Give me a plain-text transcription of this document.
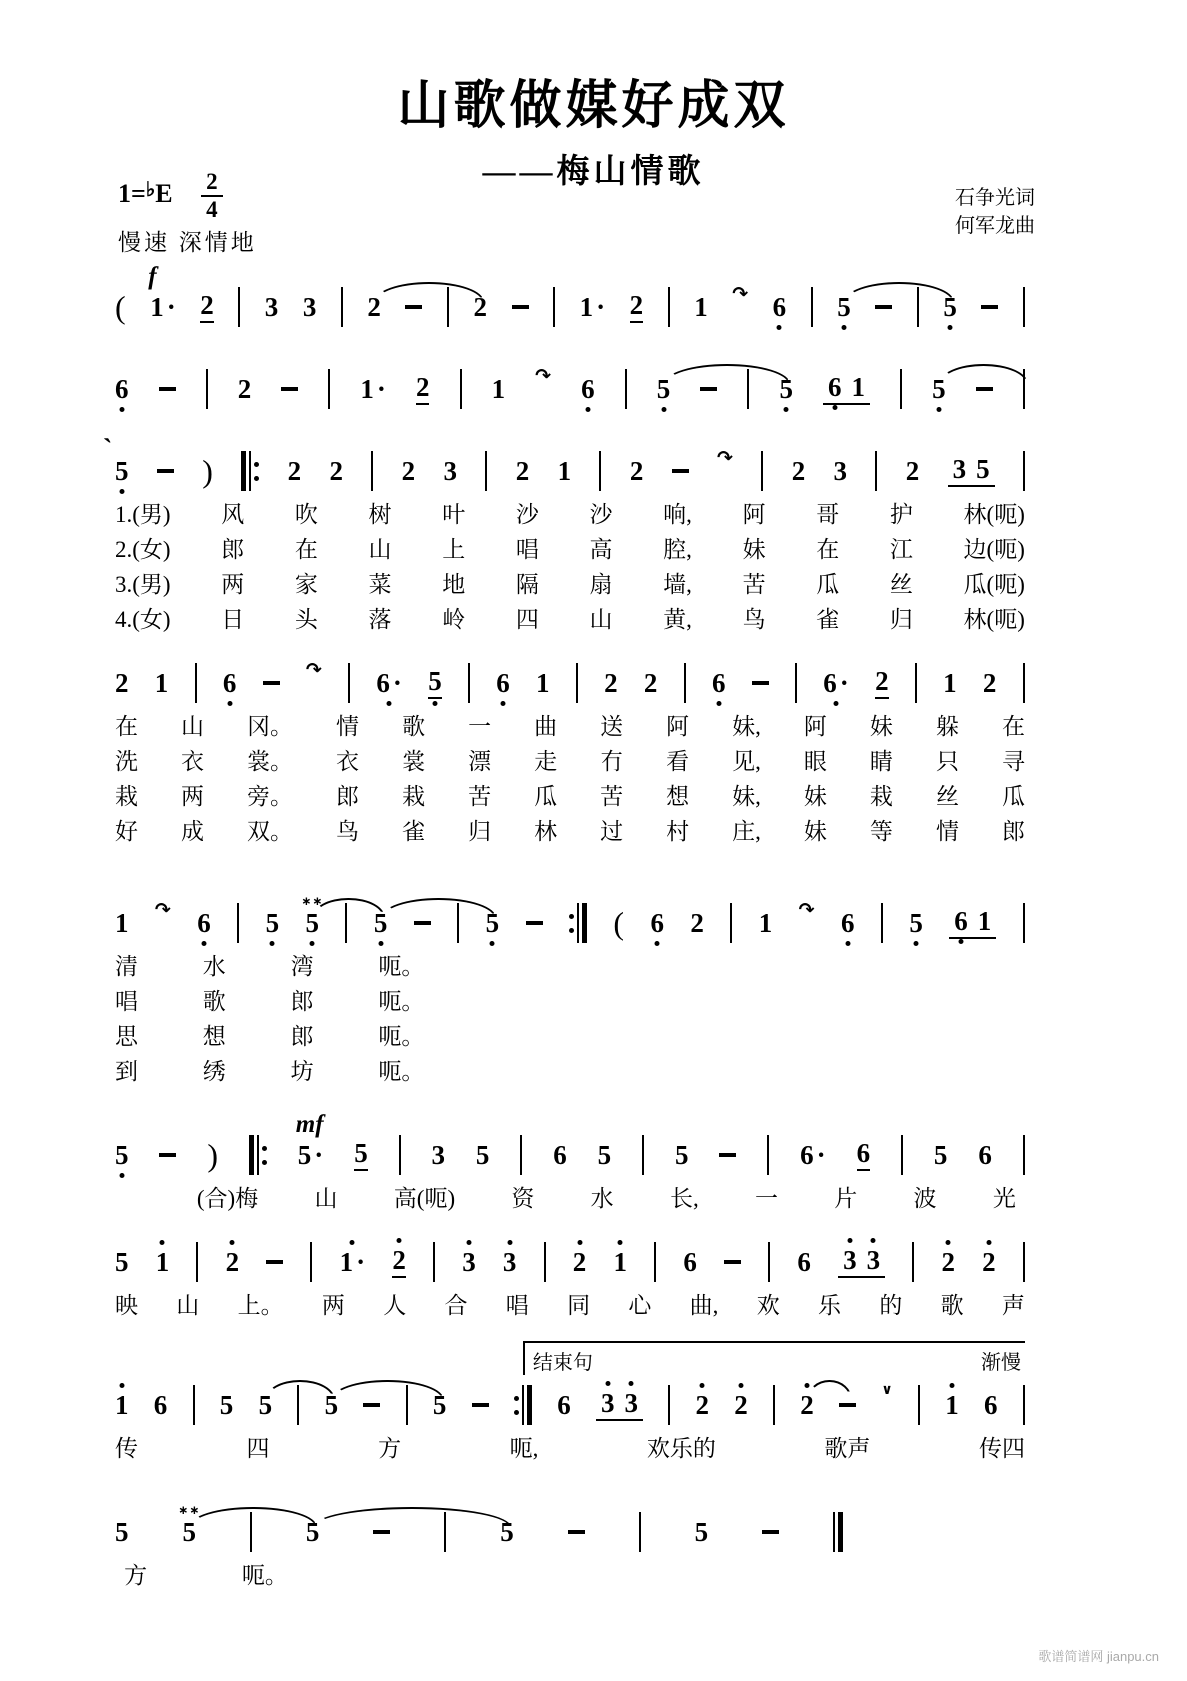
山歌做媒好成双
——梅山情歌
$1=^♭E \frac{2}{4}$
慢速 深情地
石争光词
何军龙曲
( 1 · 2 3 3 2	2	1 · 2 1 ↷ 6 5	5
f
6	2	1 · 2 1 ↷ 6 5	5 6 1 5
5
`
)	2 2 2 3 2 1 2	↷ 2 3 2 3 5
1.(男) 风 吹 树 叶 沙 沙 响, 阿 哥 护 林(呃)
2.(女) 郎 在 山 上 唱 高 腔, 妹 在 江 边(呃)
3.(男) 两 家 菜 地 隔 扇 墙, 苦 瓜 丝 瓜(呃)
4.(女) 日 头 落 岭 四 山 黄, 鸟 雀 归 林(呃)
2 1 6	↷ 6 · 5 6 1 2 2 6	6 · 2 1 2
在 山 冈。 情 歌 一 曲 送 阿 妹, 阿 妹 躲 在
洗 衣 裳。 衣 裳 漂 走 冇 看 见, 眼 睛 只 寻
栽 两 旁。 郎 栽 苦 瓜 苦 想 妹, 妹 栽 丝 瓜
好 成 双。 鸟 雀 归 林 过 村 庄, 妹 等 情 郎
1 ↷ 6 5 5
∗∗
5	5	( 6 2 1 ↷ 6 5 6 1
清	水	湾	呃。
唱	歌	郎	呃。
思	想	郎	呃。
到	绣	坊	呃。
5 )	5 · 5 3 5 6 5 5	6 · 6 5 6
(合)梅 山 高(呃) 资 水 长, 一 片 波 光
mf
5 1 2	1 · 2 3 3 2 1 6	6 3 3 2 2
映 山 上。 两 人 合 唱 同 心 曲, 欢 乐 的 歌 声
1 6 5 5 5	5	6 3 3 2 2 2	∨ 1 6
传	四	方	呃,	欢乐的	歌声	传四
结束句	渐慢
5 5
∗∗
5	5	5
方	呃。
歌谱简谱网 jianpu.cn
